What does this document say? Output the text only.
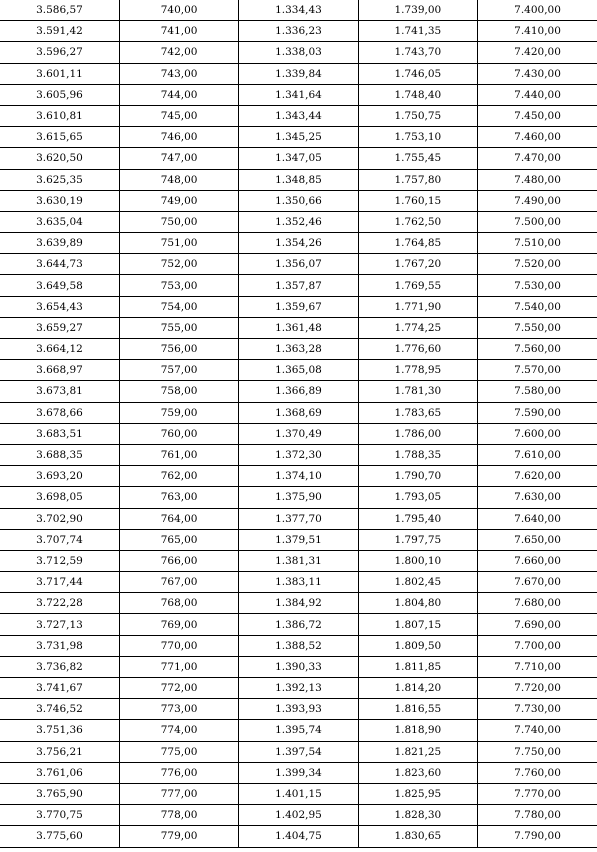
3.586,57	740,00	1.334,43	1.739,00	7.400,00
3.591,42	741,00	1.336,23	1.741,35	7.410,00
3.596,27	742,00	1.338,03	1.743,70	7.420,00
3.601,11	743,00	1.339,84	1.746,05	7.430,00
3.605,96	744,00	1.341,64	1.748,40	7.440,00
3.610,81	745,00	1.343,44	1.750,75	7.450,00
3.615,65	746,00	1.345,25	1.753,10	7.460,00
3.620,50	747,00	1.347,05	1.755,45	7.470,00
3.625,35	748,00	1.348,85	1.757,80	7.480,00
3.630,19	749,00	1.350,66	1.760,15	7.490,00
3.635,04	750,00	1.352,46	1.762,50	7.500,00
3.639,89	751,00	1.354,26	1.764,85	7.510,00
3.644,73	752,00	1.356,07	1.767,20	7.520,00
3.649,58	753,00	1.357,87	1.769,55	7.530,00
3.654,43	754,00	1.359,67	1.771,90	7.540,00
3.659,27	755,00	1.361,48	1.774,25	7.550,00
3.664,12	756,00	1.363,28	1.776,60	7.560,00
3.668,97	757,00	1.365,08	1.778,95	7.570,00
3.673,81	758,00	1.366,89	1.781,30	7.580,00
3.678,66	759,00	1.368,69	1.783,65	7.590,00
3.683,51	760,00	1.370,49	1.786,00	7.600,00
3.688,35	761,00	1.372,30	1.788,35	7.610,00
3.693,20	762,00	1.374,10	1.790,70	7.620,00
3.698,05	763,00	1.375,90	1.793,05	7.630,00
3.702,90	764,00	1.377,70	1.795,40	7.640,00
3.707,74	765,00	1.379,51	1.797,75	7.650,00
3.712,59	766,00	1.381,31	1.800,10	7.660,00
3.717,44	767,00	1.383,11	1.802,45	7.670,00
3.722,28	768,00	1.384,92	1.804,80	7.680,00
3.727,13	769,00	1.386,72	1.807,15	7.690,00
3.731,98	770,00	1.388,52	1.809,50	7.700,00
3.736,82	771,00	1.390,33	1.811,85	7.710,00
3.741,67	772,00	1.392,13	1.814,20	7.720,00
3.746,52	773,00	1.393,93	1.816,55	7.730,00
3.751,36	774,00	1.395,74	1.818,90	7.740,00
3.756,21	775,00	1.397,54	1.821,25	7.750,00
3.761,06	776,00	1.399,34	1.823,60	7.760,00
3.765,90	777,00	1.401,15	1.825,95	7.770,00
3.770,75	778,00	1.402,95	1.828,30	7.780,00
3.775,60	779,00	1.404,75	1.830,65	7.790,00
